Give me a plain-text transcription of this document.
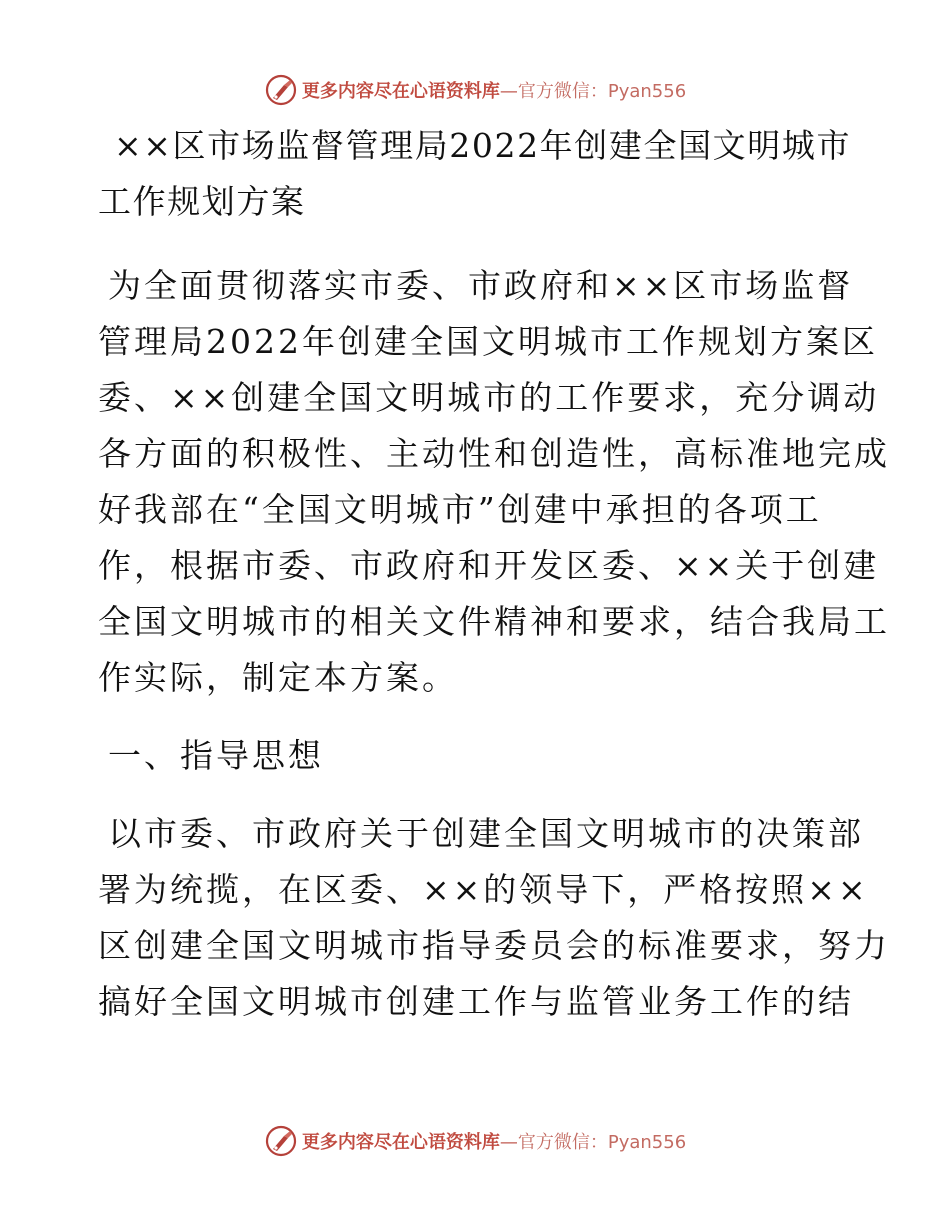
更多内容尽在心语资料库—官方微信：Pyan556
××区市场监督管理局2022年创建全国文明城市
工作规划方案
为全面贯彻落实市委、市政府和××区市场监督
管理局2022年创建全国文明城市工作规划方案区
委、××创建全国文明城市的工作要求，充分调动
各方面的积极性、主动性和创造性，高标准地完成
好我部在“全国文明城市”创建中承担的各项工
作，根据市委、市政府和开发区委、××关于创建
全国文明城市的相关文件精神和要求，结合我局工
作实际，制定本方案。
一、指导思想
以市委、市政府关于创建全国文明城市的决策部
署为统揽，在区委、××的领导下，严格按照××
区创建全国文明城市指导委员会的标准要求，努力
搞好全国文明城市创建工作与监管业务工作的结
更多内容尽在心语资料库—官方微信：Pyan556
